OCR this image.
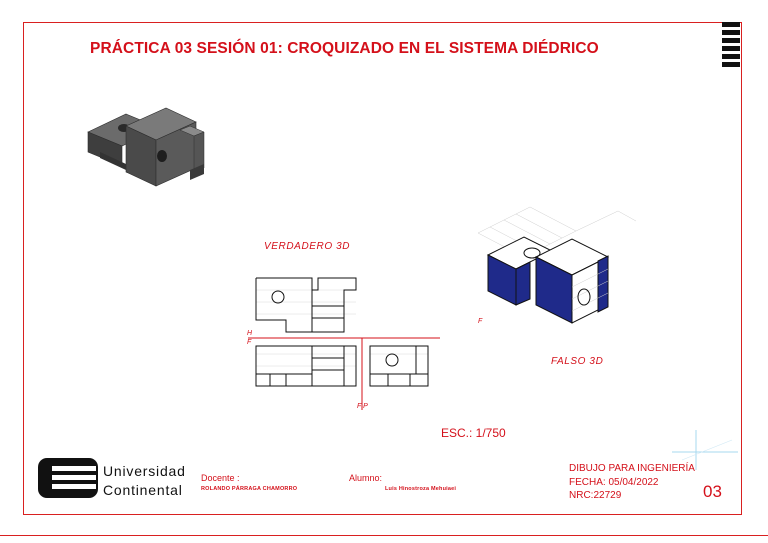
PRÁCTICA 03 SESIÓN 01: CROQUIZADO EN EL SISTEMA DIÉDRICO
VERDADERO 3D
H
F
F P
F
FALSO 3D
ESC.: 1/750
Universidad
Continental
Docente :
ROLANDO PÁRRAGA CHAMORRO
Alumno:
Luis Hinostroza Mehuiaei
DIBUJO PARA INGENIERÍA
FECHA: 05/04/2022
NRC:22729	03
